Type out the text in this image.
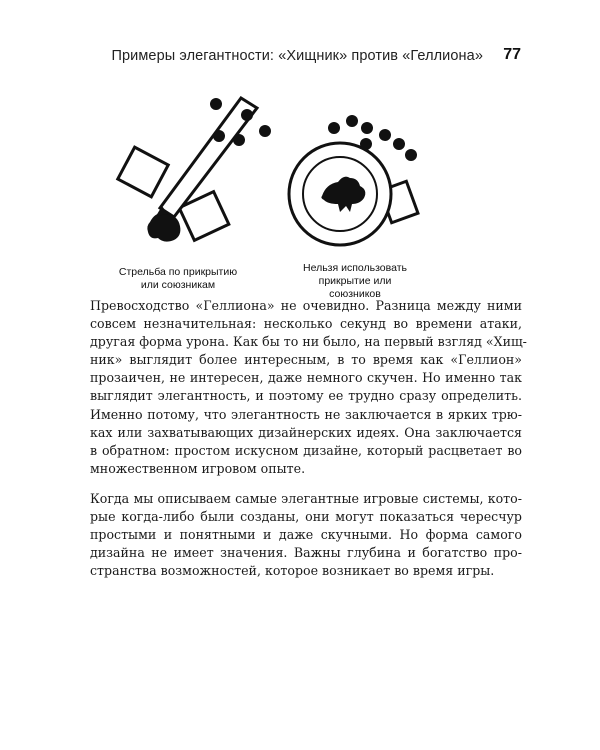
Примеры элегантности: «Хищник» против «Геллиона» 77
Стрельба по прикрытию
или союзникам
Нельзя использовать
прикрытие или союзников

Превосходство «Геллиона» не очевидно. Разница между ними
совсем незначительная: несколько секунд во времени атаки,
другая форма урона. Как бы то ни было, на первый взгляд «Хищ-
ник» выглядит более интересным, в то время как «Геллион»
прозаичен, не интересен, даже немного скучен. Но именно так
выглядит элегантность, и поэтому ее трудно сразу определить.
Именно потому, что элегантность не заключается в ярких трю-
ках или захватывающих дизайнерских идеях. Она заключается
в обратном: простом искусном дизайне, который расцветает во
множественном игровом опыте.

Когда мы описываем самые элегантные игровые системы, кото-
рые когда-либо были созданы, они могут показаться чересчур
простыми и понятными и даже скучными. Но форма самого
дизайна не имеет значения. Важны глубина и богатство про-
странства возможностей, которое возникает во время игры.
